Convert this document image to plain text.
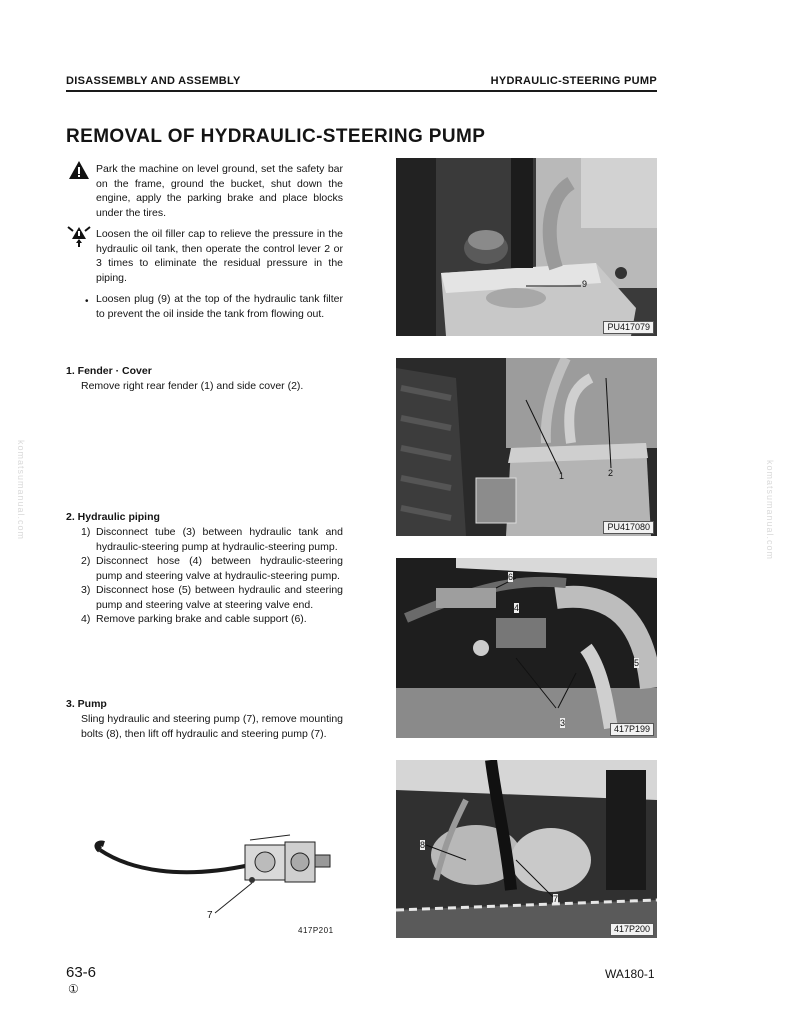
DISASSEMBLY AND ASSEMBLY	HYDRAULIC-STEERING PUMP
REMOVAL OF HYDRAULIC-STEERING PUMP
Park the machine on level ground, set the safety bar on the frame, ground the bucket, shut down the engine, apply the parking brake and place blocks under the tires.
Loosen the oil filler cap to relieve the pressure in the hydraulic oil tank, then operate the control lever 2 or 3 times to eliminate the residual pressure in the piping.
• Loosen plug (9) at the top of the hydraulic tank filter to prevent the oil inside the tank from flowing out.
1. Fender · Cover
Remove right rear fender (1) and side cover (2).
2. Hydraulic piping
1) Disconnect tube (3) between hydraulic tank and hydraulic-steering pump at hydraulic-steering pump.
2) Disconnect hose (4) between hydraulic-steering pump and steering valve at hydraulic-steering pump.
3) Disconnect hose (5) between hydraulic and steering pump and steering valve at steering valve end.
4) Remove parking brake and cable support (6).
3. Pump
Sling hydraulic and steering pump (7), remove mounting bolts (8), then lift off hydraulic and steering pump (7).
9
PU417079
1	2
PU417080
6
4
5
3
417P199
8
7
417P200
7
417P201
komatsumanual.com	komatsumanual.com
63-6
①
WA180-1
